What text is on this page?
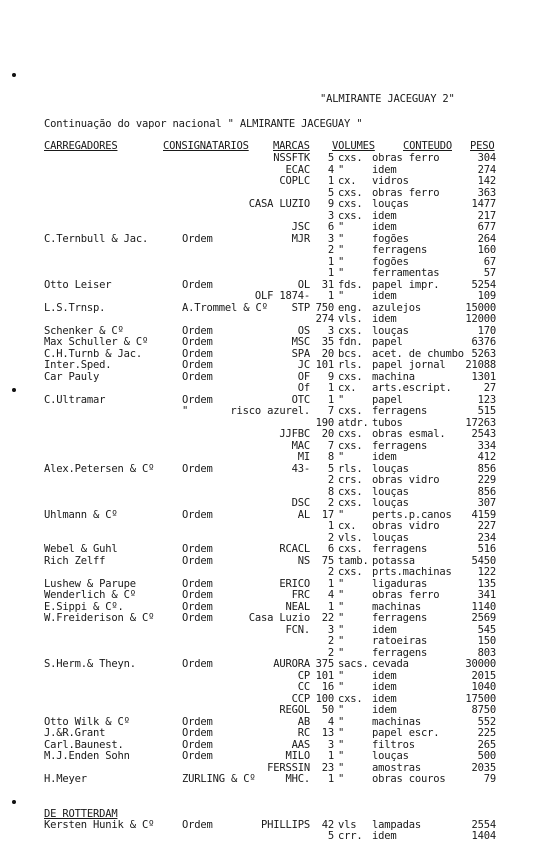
"ALMIRANTE JACEGUAY 2"
Continuação do vapor nacional " ALMIRANTE JACEGUAY "
CARREGADORES	CONSIGNATARIOS MARCAS VOLUMES	CONTEUDO PESO
NSSFTK 5 cxs. obras ferro	304
ECAC 4 "	idem	274
COPLC 1 cx. vidros	142
5 cxs. obras ferro	363
CASA LUZIO 9 cxs. louças	1477
3 cxs. idem	217
JSC 6 "	idem	677
C.Ternbull & Jac.	Ordem	MJR 3 "	fogões	264
2 "	ferragens	160
1 "	fogões	67
1 "	ferramentas	57
Otto Leiser	Ordem	OL 31 fds. papel impr.	5254
OLF 1874- 1 "	idem	109
L.S.Trnsp.	A.Trommel & Cº STP 750 eng. azulejos	15000
274 vls. idem	12000
Schenker & Cº	Ordem	OS 3 cxs. louças	170
Max Schuller & Cº	Ordem	MSC 35 fdn. papel	6376
C.H.Turnb & Jac.	Ordem	SPA 20 bcs. acet. de chumbo 5263
Inter.Sped.	Ordem	JC 101 rls. papel jornal 21088
Car Pauly	Ordem	OF 9 cxs. machina	1301
Of 1 cx. arts.escript.	27
C.Ultramar	Ordem	OTC 1 "	papel	123
"	risco azurel. 7 cxs. ferragens	515
190 atdr. tubos	17263
JJFBC 20 cxs. obras esmal. 2543
MAC 7 cxs. ferragens	334
MI 8 "	idem	412
Alex.Petersen & Cº	Ordem	43- 5 rls. louças	856
2 crs. obras vidro	229
8 cxs. louças	856
DSC 2 cxs. louças	307
Uhlmann & Cº	Ordem	AL 17 "	perts.p.canos 4159
1 cx. obras vidro	227
2 vls. louças	234
Webel & Guhl	Ordem	RCACL 6 cxs. ferragens	516
Rich Zelff	Ordem	NS 75 tamb. potassa	5450
2 cxs. prts.machinas 122
Lushew & Parupe	Ordem	ERICO 1 "	ligaduras	135
Wenderlich & Cº	Ordem	FRC 4 "	obras ferro	341
E.Sippi & Cº.	Ordem	NEAL 1 "	machinas	1140
W.Freiderison & Cº	Ordem	Casa Luzio 22 "	ferragens	2569
FCN. 3 "	idem	545
2 "	ratoeiras	150
2 "	ferragens	803
S.Herm.& Theyn.	Ordem	AURORA 375 sacs. cevada	30000
CP 101 "	idem	2015
CC 16 "	idem	1040
CCP 100 cxs. idem	17500
REGOL 50 "	idem	8750
Otto Wilk & Cº	Ordem	AB 4 "	machinas	552
J.&R.Grant	Ordem	RC 13 "	papel escr.	225
Carl.Baunest.	Ordem	AAS 3 "	filtros	265
M.J.Enden Sohn	Ordem	MILO 1 "	louças	500
FERSSIN 23 "	amostras	2035
H.Meyer	ZURLING & Cº	MHC. 1 "	obras couros	79
DE ROTTERDAM
Kersten Hunik & Cº	Ordem	PHILLIPS 42 vls lampadas	2554
5 crr. idem	1404
